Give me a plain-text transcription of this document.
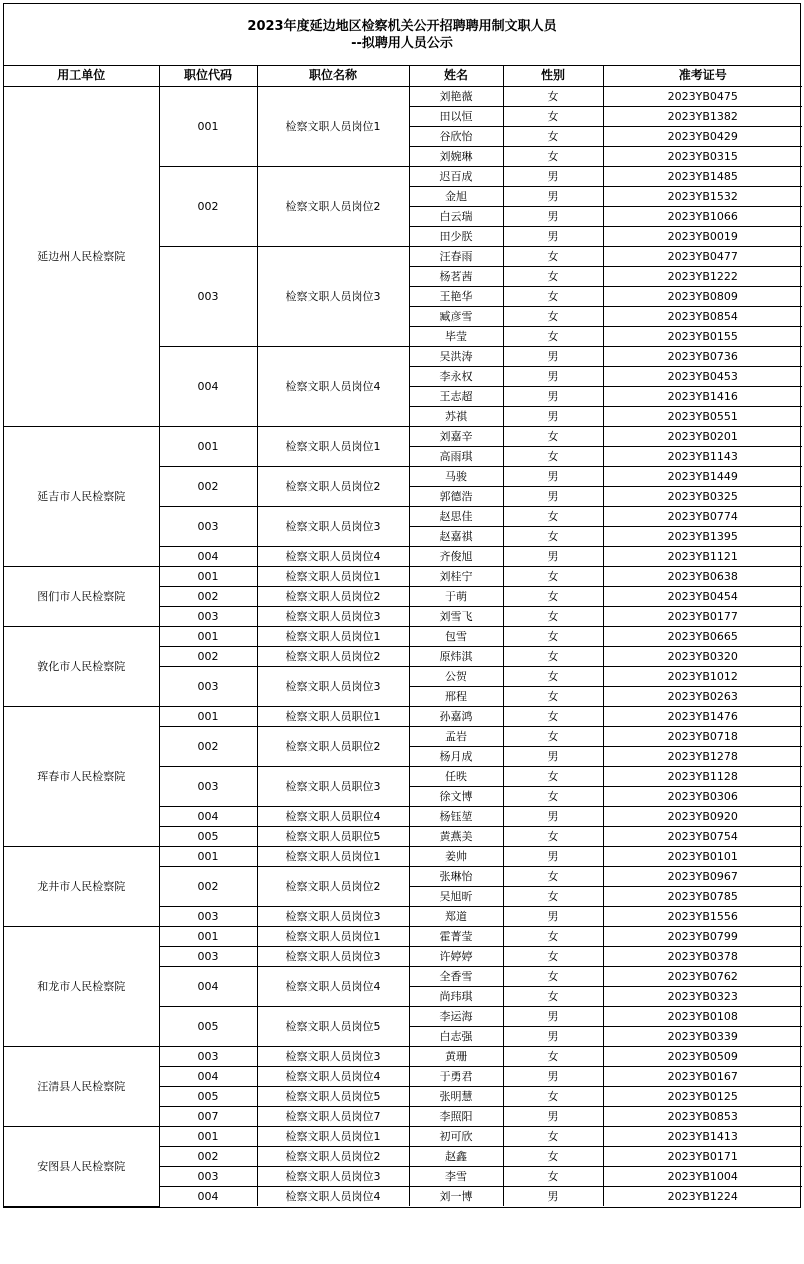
2023年度延边地区检察机关公开招聘聘用制文职人员
--拟聘用人员公示
用工单位	职位代码	职位名称	姓名	性别	准考证号
延边州人民检察院	001	检察文职人员岗位1	刘艳薇	女	2023YB0475
			田以恒	女	2023YB1382
			谷欣怡	女	2023YB0429
			刘婉琳	女	2023YB0315
	002	检察文职人员岗位2	迟百成	男	2023YB1485
			金旭	男	2023YB1532
			白云瑞	男	2023YB1066
			田少朕	男	2023YB0019
	003	检察文职人员岗位3	汪春雨	女	2023YB0477
			杨茗茜	女	2023YB1222
			王艳华	女	2023YB0809
			臧彦雪	女	2023YB0854
			毕莹	女	2023YB0155
	004	检察文职人员岗位4	吴洪涛	男	2023YB0736
			李永权	男	2023YB0453
			王志超	男	2023YB1416
			苏祺	男	2023YB0551
延吉市人民检察院	001	检察文职人员岗位1	刘嘉辛	女	2023YB0201
			高雨琪	女	2023YB1143
	002	检察文职人员岗位2	马骏	男	2023YB1449
			郭德浩	男	2023YB0325
	003	检察文职人员岗位3	赵思佳	女	2023YB0774
			赵嘉祺	女	2023YB1395
	004	检察文职人员岗位4	齐俊旭	男	2023YB1121
图们市人民检察院	001	检察文职人员岗位1	刘桂宁	女	2023YB0638
	002	检察文职人员岗位2	于萌	女	2023YB0454
	003	检察文职人员岗位3	刘雪飞	女	2023YB0177
敦化市人民检察院	001	检察文职人员岗位1	包雪	女	2023YB0665
	002	检察文职人员岗位2	原炜淇	女	2023YB0320
	003	检察文职人员岗位3	公贺	女	2023YB1012
			邢程	女	2023YB0263
珲春市人民检察院	001	检察文职人员职位1	孙嘉鸿	女	2023YB1476
	002	检察文职人员职位2	孟岩	女	2023YB0718
			杨月成	男	2023YB1278
	003	检察文职人员职位3	任昳	女	2023YB1128
			徐文博	女	2023YB0306
	004	检察文职人员职位4	杨钰堃	男	2023YB0920
	005	检察文职人员职位5	黄燕美	女	2023YB0754
龙井市人民检察院	001	检察文职人员岗位1	姜帅	男	2023YB0101
	002	检察文职人员岗位2	张琳怡	女	2023YB0967
			吴旭昕	女	2023YB0785
	003	检察文职人员岗位3	郑道	男	2023YB1556
和龙市人民检察院	001	检察文职人员岗位1	霍菁莹	女	2023YB0799
	003	检察文职人员岗位3	许婷婷	女	2023YB0378
	004	检察文职人员岗位4	全香雪	女	2023YB0762
			尚玮琪	女	2023YB0323
	005	检察文职人员岗位5	李运海	男	2023YB0108
			白志强	男	2023YB0339
汪清县人民检察院	003	检察文职人员岗位3	黄珊	女	2023YB0509
	004	检察文职人员岗位4	于勇君	男	2023YB0167
	005	检察文职人员岗位5	张明慧	女	2023YB0125
	007	检察文职人员岗位7	李照阳	男	2023YB0853
安图县人民检察院	001	检察文职人员岗位1	初可欣	女	2023YB1413
	002	检察文职人员岗位2	赵鑫	女	2023YB0171
	003	检察文职人员岗位3	李雪	女	2023YB1004
	004	检察文职人员岗位4	刘一博	男	2023YB1224
